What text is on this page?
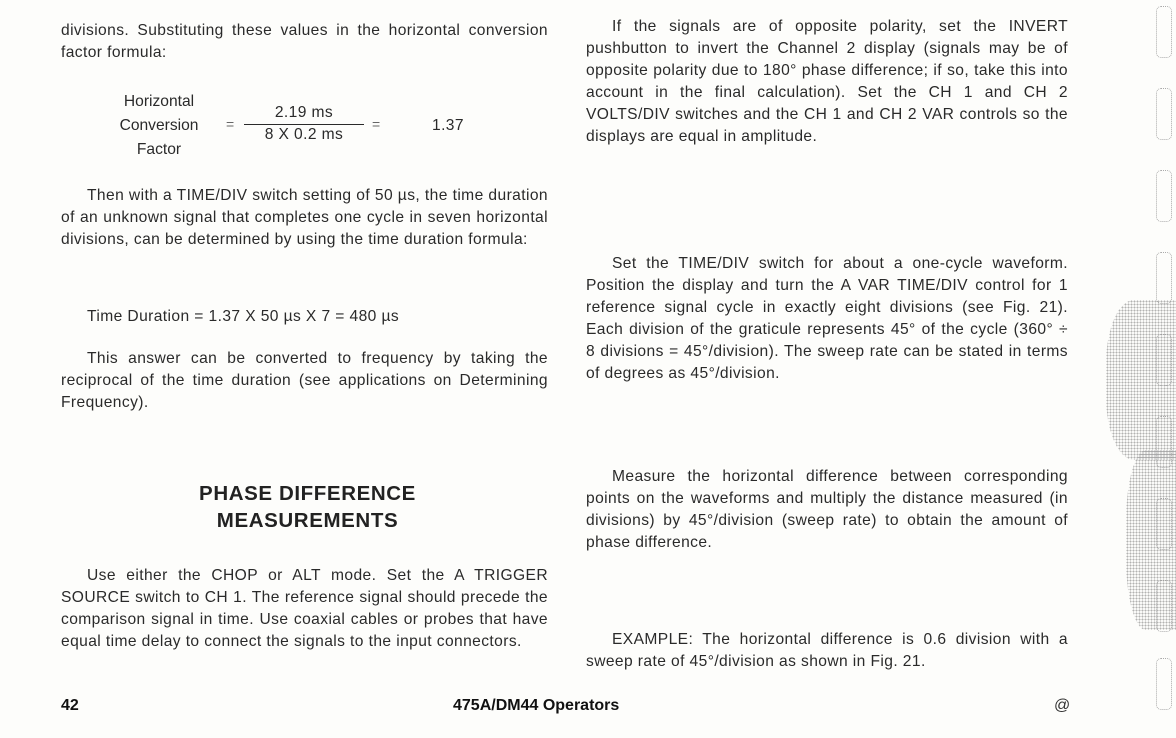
divisions. Substituting these values in the horizontal conversion factor formula:

Horizontal
Conversion
Factor
= $\frac{2.19 ms}{8 X 0.2 ms}$ =	1.37

Then with a TIME/DIV switch setting of 50 µs, the time duration of an unknown signal that completes one cycle in seven horizontal divisions, can be determined by using the time duration formula:

Time Duration = 1.37 X 50 µs X 7 = 480 µs

This answer can be converted to frequency by taking the reciprocal of the time duration (see applications on Determining Frequency).

PHASE DIFFERENCE
MEASUREMENTS

Use either the CHOP or ALT mode. Set the A TRIGGER SOURCE switch to CH 1. The reference signal should precede the comparison signal in time. Use coaxial cables or probes that have equal time delay to connect the signals to the input connectors.

If the signals are of opposite polarity, set the INVERT pushbutton to invert the Channel 2 display (signals may be of opposite polarity due to 180° phase difference; if so, take this into account in the final calculation). Set the CH 1 and CH 2 VOLTS/DIV switches and the CH 1 and CH 2 VAR controls so the displays are equal in amplitude.

Set the TIME/DIV switch for about a one-cycle waveform. Position the display and turn the A VAR TIME/DIV control for 1 reference signal cycle in exactly eight divisions (see Fig. 21). Each division of the graticule represents 45° of the cycle (360° ÷ 8 divisions = 45°/division). The sweep rate can be stated in terms of degrees as 45°/division.

Measure the horizontal difference between corresponding points on the waveforms and multiply the distance measured (in divisions) by 45°/division (sweep rate) to obtain the amount of phase difference.

EXAMPLE: The horizontal difference is 0.6 division with a sweep rate of 45°/division as shown in Fig. 21.

42	475A/DM44 Operators	@
